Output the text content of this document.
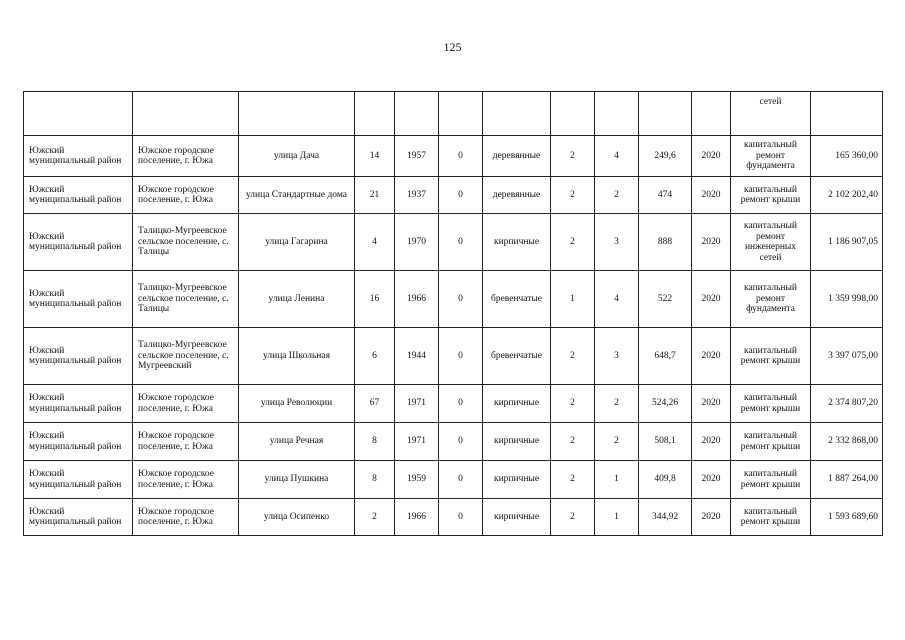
125
											сетей	
Южский муниципальный район	Южское городское поселение, г. Южа	улица Дача	14	1957	0	деревянные	2	4	249,6	2020	капитальный ремонт фундамента	165 360,00
Южский муниципальный район	Южское городское поселение, г. Южа	улица Стандартные дома	21	1937	0	деревянные	2	2	474	2020	капитальный ремонт крыши	2 102 202,40
Южский муниципальный район	Талицко-Мугреевское сельское поселение, с. Талицы	улица Гагарина	4	1970	0	кирпичные	2	3	888	2020	капитальный ремонт инженерных сетей	1 186 907,05
Южский муниципальный район	Талицко-Мугреевское сельское поселение, с. Талицы	улица Ленина	16	1966	0	бревенчатые	1	4	522	2020	капитальный ремонт фундамента	1 359 998,00
Южский муниципальный район	Талицко-Мугреевское сельское поселение, с. Мугреевский	улица Школьная	6	1944	0	бревенчатые	2	3	648,7	2020	капитальный ремонт крыши	3 397 075,00
Южский муниципальный район	Южское городское поселение, г. Южа	улица Революции	67	1971	0	кирпичные	2	2	524,26	2020	капитальный ремонт крыши	2 374 807,20
Южский муниципальный район	Южское городское поселение, г. Южа	улица Речная	8	1971	0	кирпичные	2	2	508,1	2020	капитальный ремонт крыши	2 332 868,00
Южский муниципальный район	Южское городское поселение, г. Южа	улица Пушкина	8	1959	0	кирпичные	2	1	409,8	2020	капитальный ремонт крыши	1 887 264,00
Южский муниципальный район	Южское городское поселение, г. Южа	улица Осипенко	2	1966	0	кирпичные	2	1	344,92	2020	капитальный ремонт крыши	1 593 689,60
